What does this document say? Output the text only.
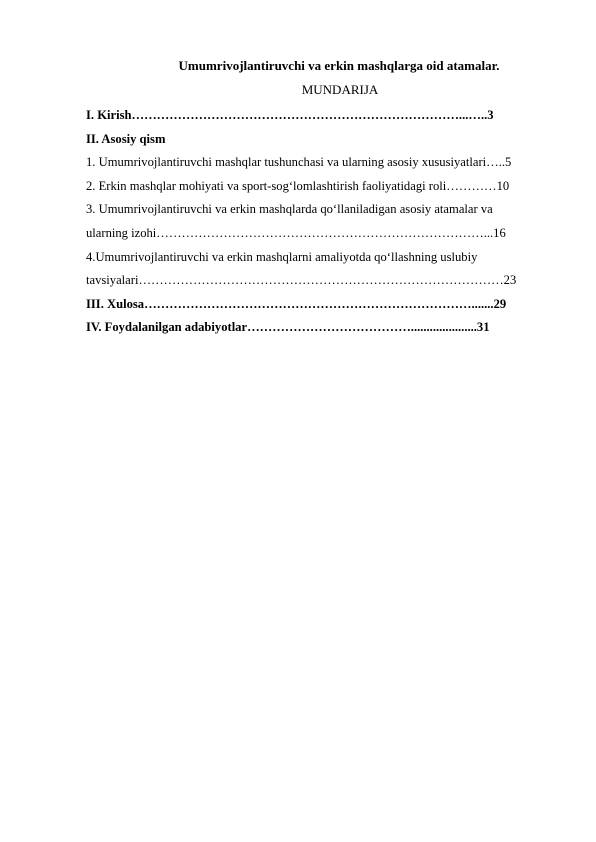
Umumrivojlantiruvchi va erkin mashqlarga oid atamalar.
MUNDARIJA
I. Kirish……………………………………………………………………...…..3
II. Asosiy qism
1. Umumrivojlantiruvchi mashqlar tushunchasi va ularning asosiy xususiyatlari…..5
2. Erkin mashqlar mohiyati va sport-sog‘lomlashtirish faoliyatidagi roli…………10
3. Umumrivojlantiruvchi va erkin mashqlarda qo‘llaniladigan asosiy atamalar va
ularning izohi……………………………………………………………………...16
4.Umumrivojlantiruvchi va erkin mashqlarni amaliyotda qo‘llashning uslubiy
tavsiyalari……………………………………………………………………………23
III. Xulosa…………………………………………………………………….......29
IV. Foydalanilgan adabiyotlar………………………………….....................31
